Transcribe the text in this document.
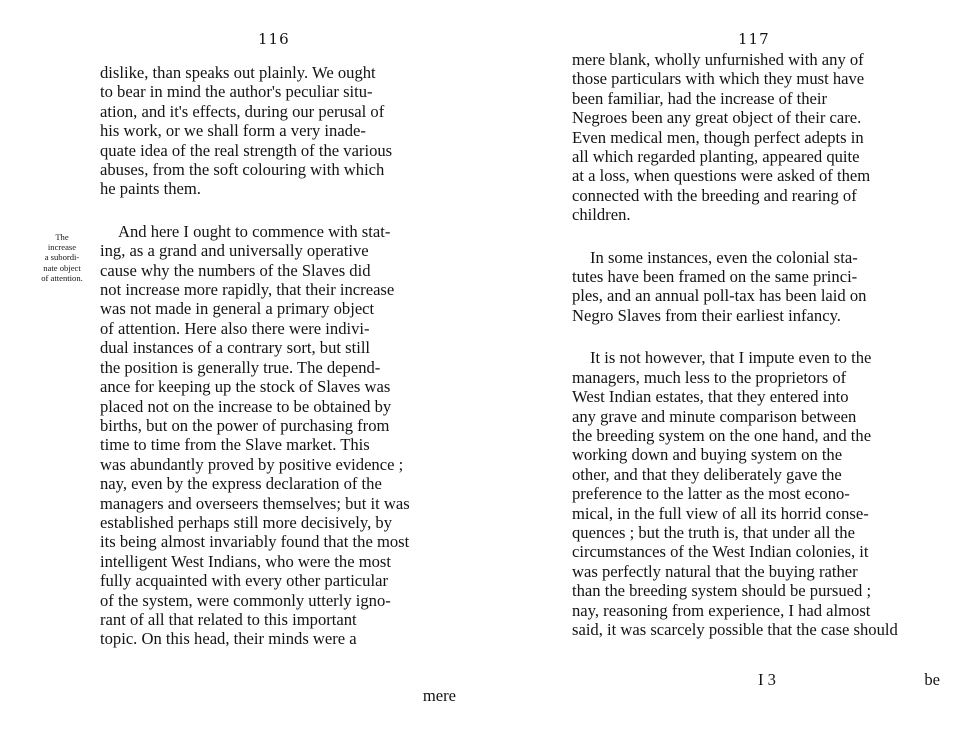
116
The
increase
a subordi-
nate object
of attention.
dislike, than speaks out plainly. We ought
to bear in mind the author's peculiar situ-
ation, and it's effects, during our perusal of
his work, or we shall form a very inade-
quate idea of the real strength of the various
abuses, from the soft colouring with which
he paints them.
And here I ought to commence with stat-
ing, as a grand and universally operative
cause why the numbers of the Slaves did
not increase more rapidly, that their increase
was not made in general a primary object
of attention. Here also there were indivi-
dual instances of a contrary sort, but still
the position is generally true. The depend-
ance for keeping up the stock of Slaves was
placed not on the increase to be obtained by
births, but on the power of purchasing from
time to time from the Slave market. This
was abundantly proved by positive evidence ;
nay, even by the express declaration of the
managers and overseers themselves; but it was
established perhaps still more decisively, by
its being almost invariably found that the most
intelligent West Indians, who were the most
fully acquainted with every other particular
of the system, were commonly utterly igno-
rant of all that related to this important
topic. On this head, their minds were a
mere
117
mere blank, wholly unfurnished with any of
those particulars with which they must have
been familiar, had the increase of their
Negroes been any great object of their care.
Even medical men, though perfect adepts in
all which regarded planting, appeared quite
at a loss, when questions were asked of them
connected with the breeding and rearing of
children.
In some instances, even the colonial sta-
tutes have been framed on the same princi-
ples, and an annual poll-tax has been laid on
Negro Slaves from their earliest infancy.
It is not however, that I impute even to the
managers, much less to the proprietors of
West Indian estates, that they entered into
any grave and minute comparison between
the breeding system on the one hand, and the
working down and buying system on the
other, and that they deliberately gave the
preference to the latter as the most econo-
mical, in the full view of all its horrid conse-
quences ; but the truth is, that under all the
circumstances of the West Indian colonies, it
was perfectly natural that the buying rather
than the breeding system should be pursued ;
nay, reasoning from experience, I had almost
said, it was scarcely possible that the case should
I 3	be
